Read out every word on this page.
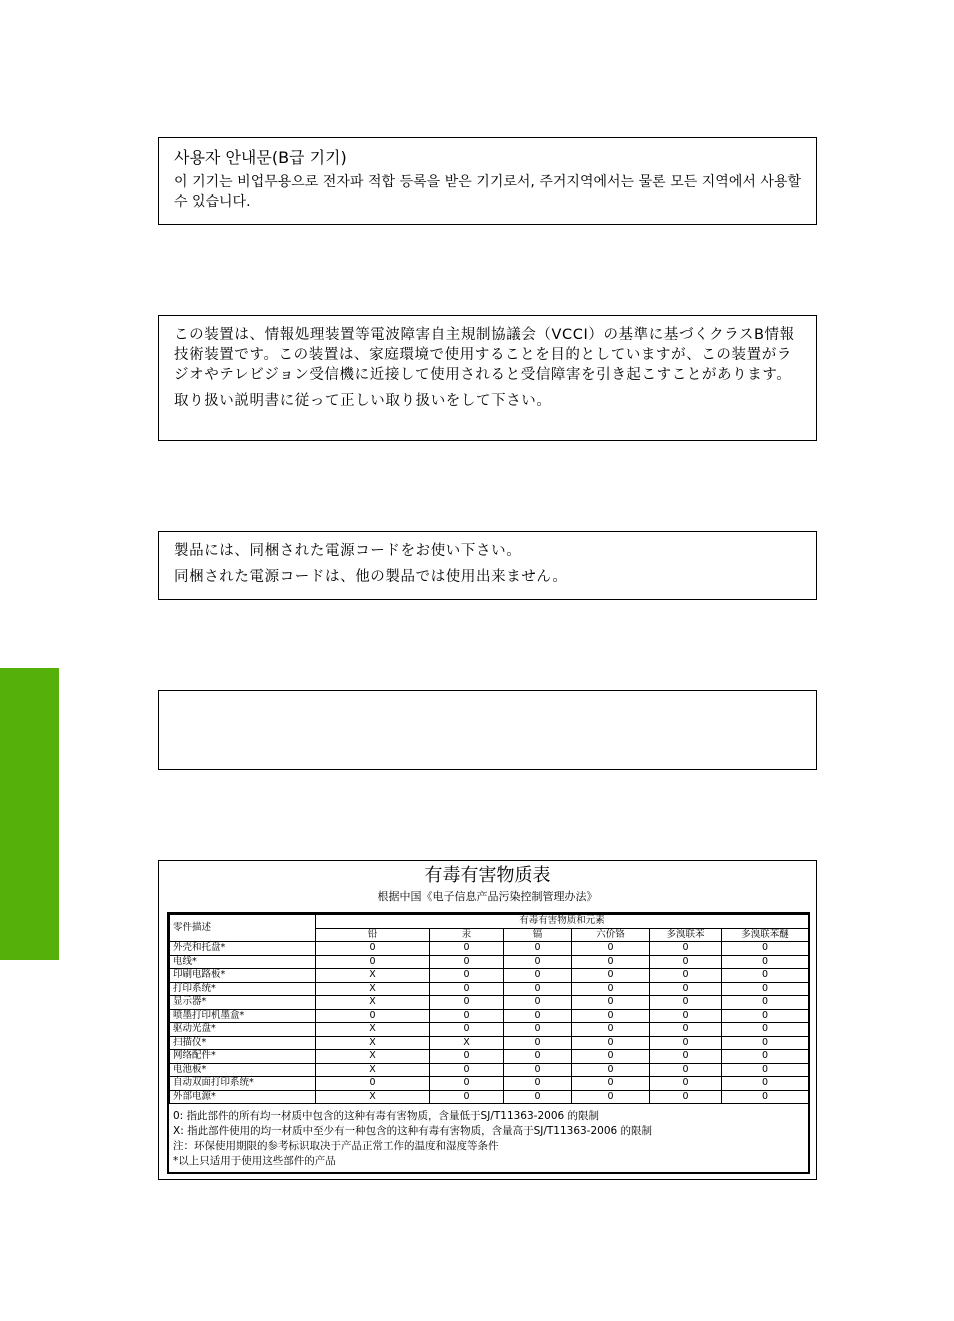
사용자 안내문(B급 기기)

이 기기는 비업무용으로 전자파 적합 등록을 받은 기기로서, 주거지역에서는 물론 모든 지역에서 사용할 수 있습니다.

この装置は、情報処理装置等電波障害自主規制協議会（VCCI）の基準に基づくクラスB情報技術装置です。この装置は、家庭環境で使用することを目的としていますが、この装置がラジオやテレビジョン受信機に近接して使用されると受信障害を引き起こすことがあります。

取り扱い説明書に従って正しい取り扱いをして下さい。

製品には、同梱された電源コードをお使い下さい。

同梱された電源コードは、他の製品では使用出来ません。

有毒有害物质表
根据中国《电子信息产品污染控制管理办法》
零件描述	有毒有害物质和元素					
	铅	汞	镉	六价铬	多溴联苯	多溴联苯醚
外壳和托盘*	0	0	0	0	0	0
电线*	0	0	0	0	0	0
印刷电路板*	X	0	0	0	0	0
打印系统*	X	0	0	0	0	0
显示器*	X	0	0	0	0	0
喷墨打印机墨盒*	0	0	0	0	0	0
驱动光盘*	X	0	0	0	0	0
扫描仪*	X	X	0	0	0	0
网络配件*	X	0	0	0	0	0
电池板*	X	0	0	0	0	0
自动双面打印系统*	0	0	0	0	0	0
外部电源*	X	0	0	0	0	0
0: 指此部件的所有均一材质中包含的这种有毒有害物质，含量低于SJ/T11363-2006 的限制
X: 指此部件使用的均一材质中至少有一种包含的这种有毒有害物质，含量高于SJ/T11363-2006 的限制
注：环保使用期限的参考标识取决于产品正常工作的温度和湿度等条件
*以上只适用于使用这些部件的产品
